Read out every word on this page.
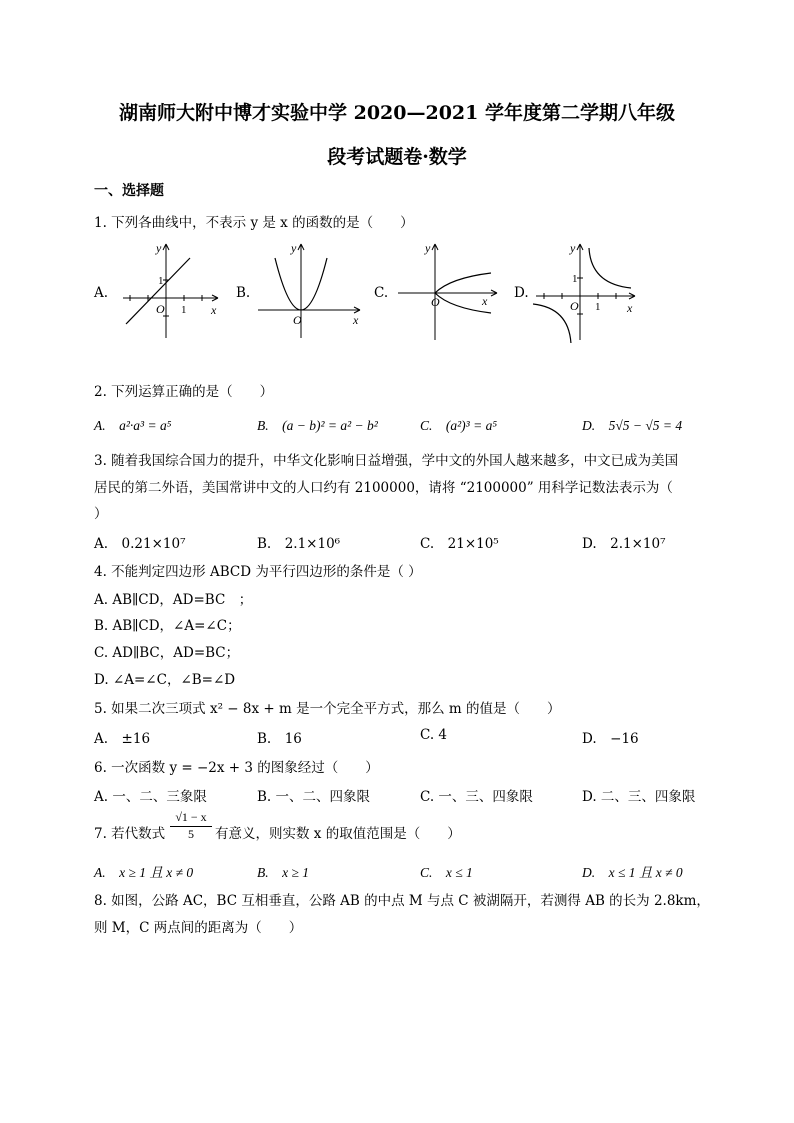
湖南师大附中博才实验中学 2020—2021 学年度第二学期八年级
段考试题卷·数学
一、选择题
1. 下列各曲线中，不表示 y 是 x 的函数的是（　　）
A.
y
1
O 1 x
B.
y
O	x
C.
y
O	x D.
y
1
O 1 x
2. 下列运算正确的是（　　）
A.　a²·a³ = a⁵	B.　(a − b)² = a² − b²	C.　(a²)³ = a⁵	D.　5√5 − √5 = 4
3. 随着我国综合国力的提升，中华文化影响日益增强，学中文的外国人越来越多，中文已成为美国
居民的第二外语，美国常讲中文的人口约有 2100000，请将 “2100000” 用科学记数法表示为（
）
A.　0.21×10⁷	B.　2.1×10⁶	C.　21×10⁵	D.　2.1×10⁷
4. 不能判定四边形 ABCD 为平行四边形的条件是（ ）
A. AB∥CD，AD=BC　；
B. AB∥CD，∠A=∠C；
C. AD∥BC，AD=BC；
D. ∠A=∠C，∠B=∠D
5. 如果二次三项式 x² − 8x + m 是一个完全平方式，那么 m 的值是（　　）
A.　±16	B.　16	C. 4	D.　−16
6. 一次函数 y = −2x + 3 的图象经过（　　）
A. 一、二、三象限	B. 一、二、四象限	C. 一、三、四象限	D. 二、三、四象限
7. 若代数式 $\frac{√1 - x}{5}$ 有意义，则实数 x 的取值范围是（　　）
A.　x ≥ 1 且 x ≠ 0	B.　x ≥ 1	C.　x ≤ 1	D.　x ≤ 1 且 x ≠ 0
8. 如图，公路 AC，BC 互相垂直，公路 AB 的中点 M 与点 C 被湖隔开，若测得 AB 的长为 2.8km，
则 M，C 两点间的距离为（　　）
